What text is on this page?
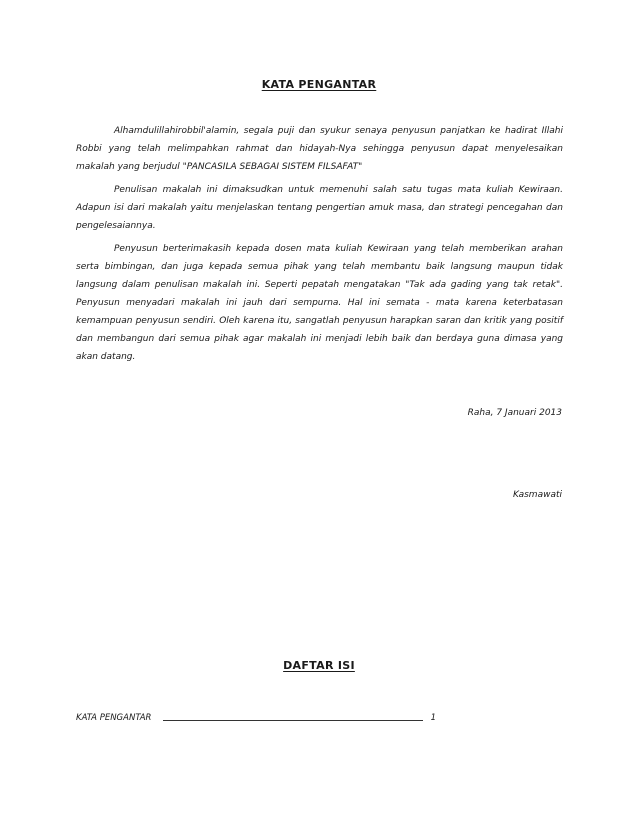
KATA PENGANTAR

Alhamdulillahirobbil'alamin, segala puji dan syukur senaya penyusun panjatkan ke hadirat Illahi Robbi yang telah melimpahkan rahmat dan hidayah-Nya sehingga penyusun dapat menyelesaikan makalah yang berjudul "PANCASILA SEBAGAI SISTEM FILSAFAT"

Penulisan makalah ini dimaksudkan untuk memenuhi salah satu tugas mata kuliah Kewiraan. Adapun isi dari makalah yaitu menjelaskan tentang pengertian amuk masa, dan strategi pencegahan dan pengelesaiannya.

Penyusun berterimakasih kepada dosen mata kuliah Kewiraan yang telah memberikan arahan serta bimbingan, dan juga kepada semua pihak yang telah membantu baik langsung maupun tidak langsung dalam penulisan makalah ini. Seperti pepatah mengatakan "Tak ada gading yang tak retak". Penyusun menyadari makalah ini jauh dari sempurna. Hal ini semata - mata karena keterbatasan kemampuan penyusun sendiri. Oleh karena itu, sangatlah penyusun harapkan saran dan kritik yang positif dan membangun dari semua pihak agar makalah ini menjadi lebih baik dan berdaya guna dimasa yang akan datang.

Raha, 7 Januari 2013
Kasmawati
DAFTAR ISI
KATA PENGANTAR	1
